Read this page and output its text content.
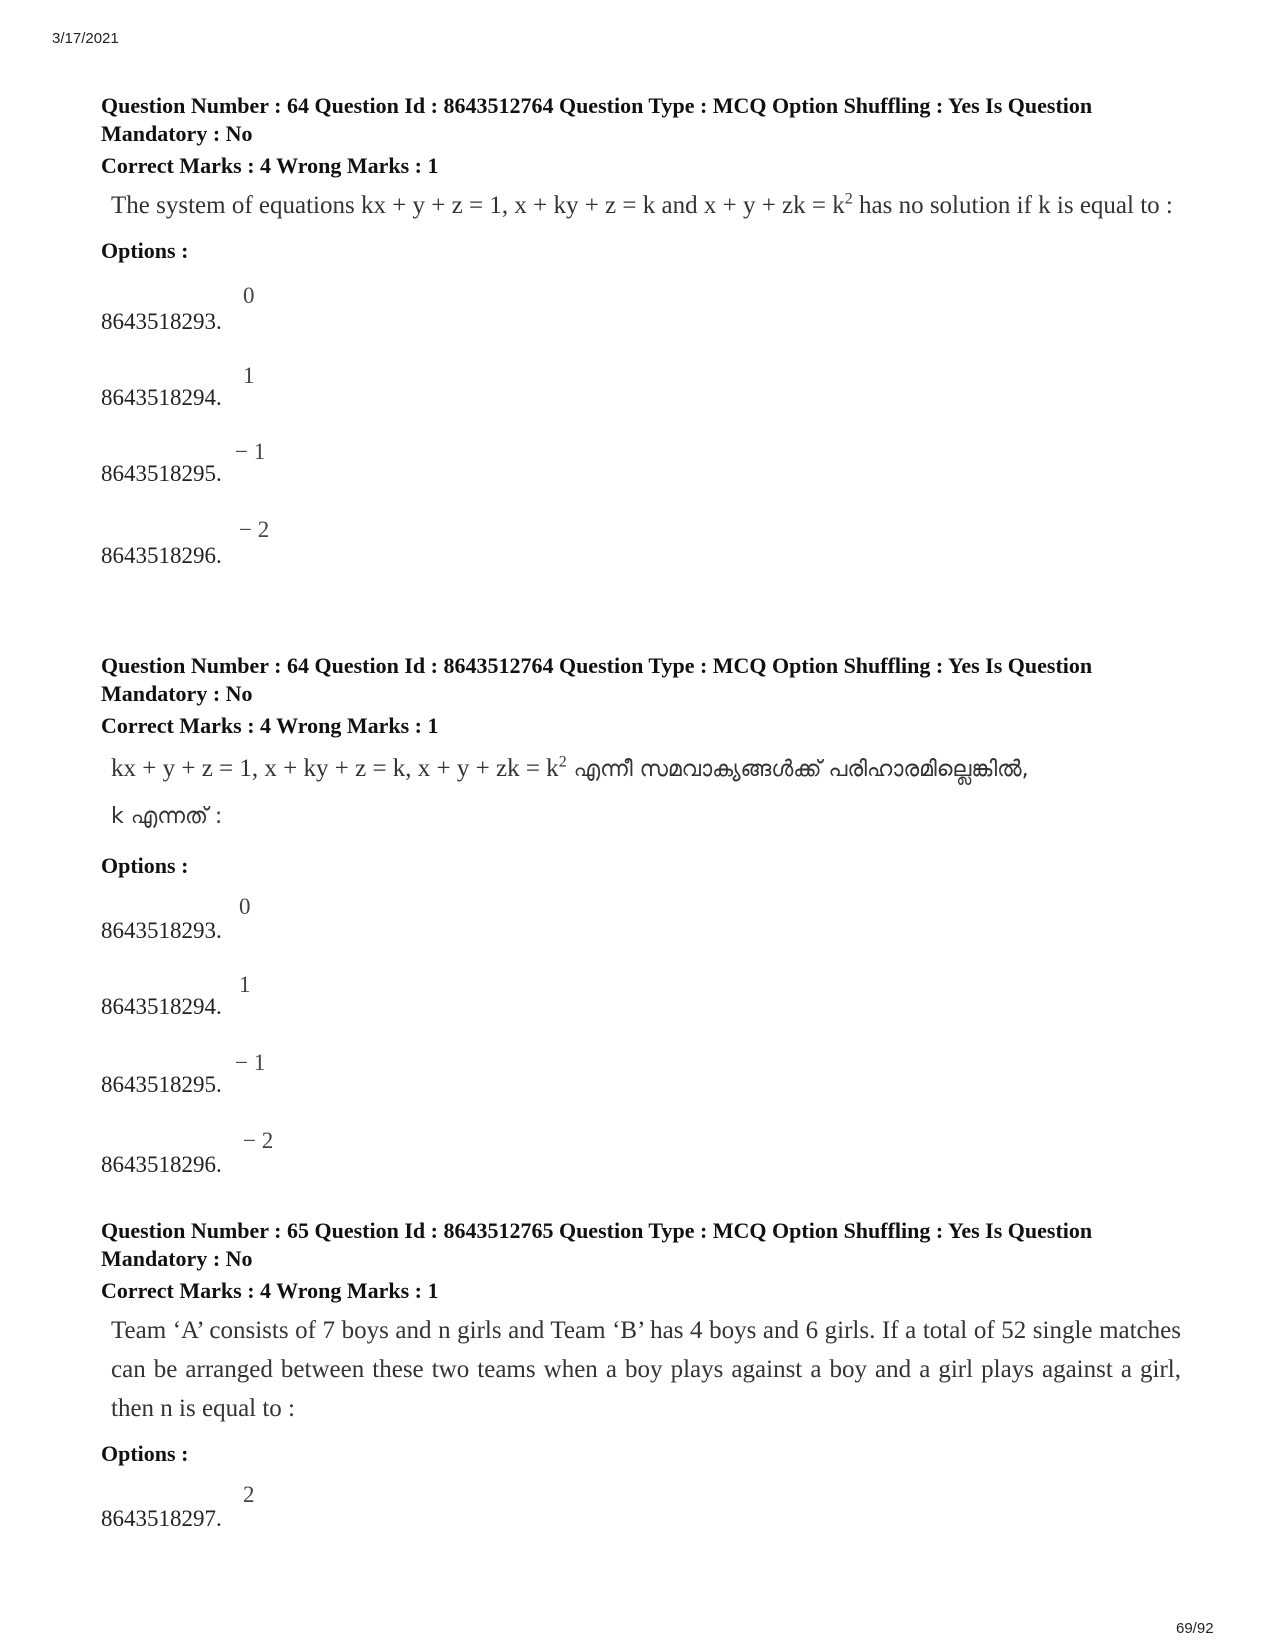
3/17/2021

Question Number : 64 Question Id : 8643512764 Question Type : MCQ Option Shuffling : Yes Is Question Mandatory : No

Correct Marks : 4 Wrong Marks : 1
The system of equations kx + y + z = 1, x + ky + z = k and x + y + zk = $k^2$ has no solution if k is equal to :
Options :
8643518293.
0
8643518294.
1
8643518295.
− 1
8643518296.
− 2

Question Number : 64 Question Id : 8643512764 Question Type : MCQ Option Shuffling : Yes Is Question Mandatory : No

Correct Marks : 4 Wrong Marks : 1
kx + y + z = 1, x + ky + z = k, x + y + zk = $k^2$ എന്നീ സമവാക്യങ്ങൾക്ക് പരിഹാരമില്ലെങ്കിൽ,
k എന്നത് :
Options :
8643518293.
0
8643518294.
1
8643518295.
− 1
8643518296.
− 2

Question Number : 65 Question Id : 8643512765 Question Type : MCQ Option Shuffling : Yes Is Question Mandatory : No

Correct Marks : 4 Wrong Marks : 1
Team ‘A’ consists of 7 boys and n girls and Team ‘B’ has 4 boys and 6 girls. If a total of 52 single matches can be arranged between these two teams when a boy plays against a boy and a girl plays against a girl, then n is equal to :
Options :
8643518297.
2
69/92
